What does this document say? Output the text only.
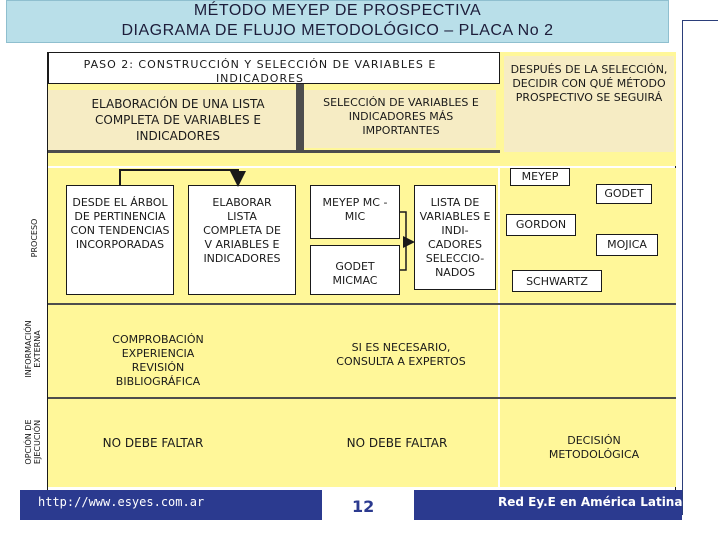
MÉTODO MEYEP DE PROSPECTIVA
DIAGRAMA DE FLUJO METODOLÓGICO – PLACA No 2
PROCESO
INFORMACIÓN EXTERNA
OPCIÓN DE EJECUCIÓN
PASO 2: CONSTRUCCIÓN Y SELECCIÓN DE VARIABLES E INDICADORES
ELABORACIÓN DE UNA LISTA COMPLETA DE VARIABLES E INDICADORES
SELECCIÓN DE VARIABLES E INDICADORES MÁS IMPORTANTES
DESPUÉS DE LA SELECCIÓN, DECIDIR CON QUÉ MÉTODO PROSPECTIVO SE SEGUIRÁ
DESDE EL ÁRBOL DE PERTINENCIA CON TENDENCIAS INCORPORADAS
ELABORAR LISTA COMPLETA DE V ARIABLES E INDICADORES
MEYEP MC - MIC
GODET MICMAC
LISTA DE VARIABLES E INDI-CADORES SELECCIO-NADOS
MEYEP
GODET
GORDON
MOJICA
SCHWARTZ
COMPROBACIÓN EXPERIENCIA REVISIÓN BIBLIOGRÁFICA
SI ES NECESARIO, CONSULTA A EXPERTOS
NO DEBE FALTAR	NO DEBE FALTAR	DECISIÓN METODOLÓGICA
http://www.esyes.com.ar	12	Red Ey.E en América Latina
